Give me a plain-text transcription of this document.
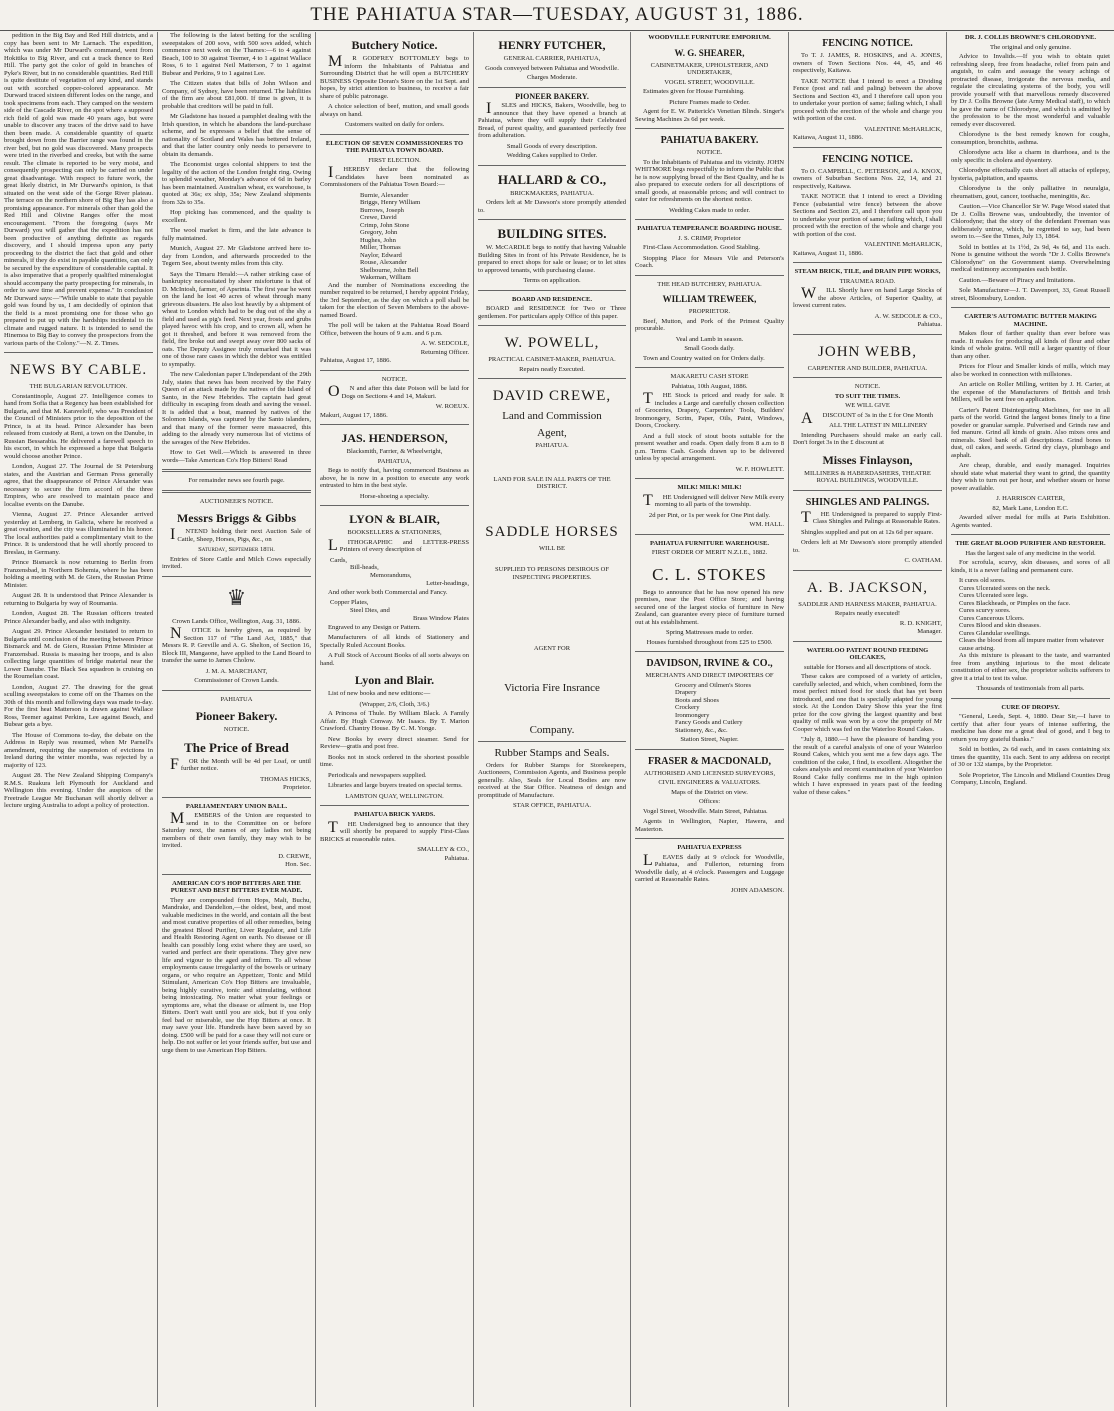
THE PAHIATUA STAR—TUESDAY, AUGUST 31, 1886.

pedition in the Big Bay and Red Hill districts, and a copy has been sent to Mr Larnach. The expedition, which was under Mr Durward's command, went from Hokitika to Big River, and cut a track thence to Red Hill. The party got the color of gold in branches of Pyke's River, but in no considerable quantities. Red Hill is quite destitute of vegetation of any kind, and stands out with scorched copper-colored appearance. Mr Durward traced sixteen different lodes on the range, and took specimens from each. They camped on the western side of the Cascade River, on the spot where a supposed rich field of gold was made 40 years ago, but were unable to discover any traces of the drive said to have then been made. A considerable quantity of quartz brought down from the Barrier range was found in the river bed, but no gold was discovered. Many prospects were tried in the riverbed and creeks, but with the same result. The climate is reported to be very moist, and consequently prospecting can only be carried on under great disadvantage. With respect to future work, the great likely district, in Mr Durward's opinion, is that situated on the west side of the Gorge River plateau. The terrace on the northern shore of Big Bay has also a promising appearance. For minerals other than gold the Red Hill and Olivine Ranges offer the most encouragement. "From the foregoing (says Mr Durward) you will gather that the expedition has not been productive of anything definite as regards discovery, and I should impress upon any party proceeding to the district the fact that gold and other minerals, if they do exist in payable quantities, can only be secured by the expenditure of considerable capital. It is also imperative that a properly qualified mineralogist should accompany the party prospecting for minerals, in order to save time and prevent expense." In conclusion Mr Durward says:—"While unable to state that payable gold was found by us, I am decidedly of opinion that the field is a most promising one for those who go prepared to put up with the hardships incidental to its climate and rugged nature. It is intended to send the Hinemoa to Big Bay to convey the prospectors from the various parts of the Colony."—N. Z. Times.

NEWS BY CABLE.
THE BULGARIAN REVOLUTION.

Constantinople, August 27. Intelligence comes to hand from Sofia that a Regency has been established for Bulgaria, and that M. Karaveloff, who was President of the Council of Ministers prior to the deposition of the Prince, is at its head. Prince Alexander has been released from custody at Reni, a town on the Danube, in Russian Bessarabia. He delivered a farewell speech to his escort, in which he expressed a hope that Bulgaria would choose another Prince.

London, August 27. The Journal de St Petersburg states, and the Austrian and German Press generally agree, that the disappearance of Prince Alexander was necessary to secure the firm accord of the three Empires, who are resolved to maintain peace and localise events on the Danube.

Vienna, August 27. Prince Alexander arrived yesterday at Lemberg, in Galicia, where he received a great ovation, and the city was illuminated in his honor. The local authorities paid a complimentary visit to the Prince. It is understood that he will shortly proceed to Breslau, in Germany.

Prince Bismarck is now returning to Berlin from Franzensbad, in Northern Bohemia, where he has been holding a meeting with M. de Giers, the Russian Prime Minister.

August 28. It is understood that Prince Alexander is returning to Bulgaria by way of Roumania.

London, August 28. The Russian officers treated Prince Alexander badly, and also with indignity.

August 29. Prince Alexander hesitated to return to Bulgaria until conclusion of the meeting between Prince Bismarck and M. de Giers, Russian Prime Minister at Franzensbad. Russia is massing her troops, and is also collecting large quantities of bridge material near the Lower Danube. The Black Sea squadron is cruising on the Roumelian coast.

London, August 27. The drawing for the great sculling sweepstakes to come off on the Thames on the 30th of this month and following days was made to-day. For the first heat Matterson is drawn against Wallace Ross, Teemer against Perkins, Lee against Beach, and Bubear gets a bye.

The House of Commons to-day, the debate on the Address in Reply was resumed, when Mr Parnell's amendment, requiring the suspension of evictions in Ireland during the winter months, was rejected by a majority of 123.

August 28. The New Zealand Shipping Company's R.M.S. Ruakura left Plymouth for Auckland and Wellington this evening. Under the auspices of the Freetrade League Mr Buchanan will shortly deliver a lecture urging Australia to adopt a policy of protection.

The following is the latest betting for the sculling sweepstakes of 200 sovs, with 500 sovs added, which commence next week on the Thames:—6 to 4 against Beach, 100 to 30 against Teemer, 4 to 1 against Wallace Ross, 6 to 1 against Neil Matterson, 7 to 1 against Bubear and Perkins, 9 to 1 against Lee.

The Citizen states that bills of John Wilson and Company, of Sydney, have been returned. The liabilities of the firm are about £81,000. If time is given, it is probable that creditors will be paid in full.

Mr Gladstone has issued a pamphlet dealing with the Irish question, in which he abandons the land-purchase scheme, and he expresses a belief that the sense of nationality of Scotland and Wales has bettered Ireland, and that the latter country only needs to persevere to obtain its demands.

The Economist urges colonial shippers to test the legality of the action of the London freight ring. Owing to splendid weather, Monday's advance of 6d in barley has been maintained. Australian wheat, ex warehouse, is quoted at 36s; ex ship, 35s; New Zealand shipments from 32s to 35s.

Hop picking has commenced, and the quality is excellent.

The wool market is firm, and the late advance is fully maintained.

Munich, August 27. Mr Gladstone arrived here to-day from London, and afterwards proceeded to the Tegern See, about twenty miles from this city.

Says the Timaru Herald:—A rather striking case of bankruptcy necessitated by sheer misfortune is that of D. McIntosh, farmer, of Apsrinta. The first year he went on the land he lost 40 acres of wheat through many grievous disasters. He also lost heavily by a shipment of wheat to London which had to be dug out of the shy a field and used as pig's feed. Next year, frosts and grubs played havoc with his crop, and to crown all, when he got it threshed, and before it was removed from the field, fire broke out and swept away over 800 sacks of oats. The Deputy Assignee truly remarked that it was one of those rare cases in which the debtor was entitled to sympathy.

The new Caledonian paper L'Independant of the 29th July, states that news has been received by the Fairy Queen of an attack made by the natives of the Island of Santo, in the New Hebrides. The captain had great difficulty in escaping from death and saving the vessel. It is added that a boat, manned by natives of the Solomon Islands, was captured by the Santo islanders, and that many of the former were massacred, this adding to the already very numerous list of victims of the savages of the New Hebrides.

How to Get Well.—Which is answered in three words—Take American Co's Hop Bitters! Read

For remainder news see fourth page.
AUCTIONEER'S NOTICE.
Messrs Briggs & Gibbs

INTEND holding their next Auction Sale of Cattle, Sheep, Horses, Pigs, &c., on

Saturday, September 18th.

Entries of Store Cattle and Milch Cows especially invited.

♛
Crown Lands Office, Wellington, Aug. 31, 1886.

NOTICE is hereby given, as required by Section 117 of "The Land Act, 1885," that Messrs R. P. Greville and A. G. Shelton, of Section 16, Block III, Mangaone, have applied to the Land Board to transfer the same to James Cholow.

J. M. A. MARCHANT,
Commissioner of Crown Lands.
PAHIATUA
Pioneer Bakery.
NOTICE.
The Price of Bread

FOR the Month will be 4d per Loaf, or until further notice.

THOMAS HICKS,
Proprietor.
PARLIAMENTARY UNION BALL.

MEMBERS of the Union are requested to send in to the Committee on or before Saturday next, the names of any ladies not being members of their own family, they may wish to be invited.

D. CREWE,
Hon. Sec.
AMERICAN CO'S HOP BITTERS ARE THE PUREST AND BEST BITTERS EVER MADE.

They are compounded from Hops, Malt, Buchu, Mandrake, and Dandelion,—the oldest, best, and most valuable medicines in the world, and contain all the best and most curative properties of all other remedies, being the greatest Blood Purifier, Liver Regulator, and Life and Health Restoring Agent on earth. No disease or ill health can possibly long exist where they are used, so varied and perfect are their operations. They give new life and vigour to the aged and infirm. To all whose employments cause irregularity of the bowels or urinary organs, or who require an Appetizer, Tonic and Mild Stimulant, American Co's Hop Bitters are invaluable, being highly curative, tonic and stimulating, without being intoxicating. No matter what your feelings or symptoms are, what the disease or ailment is, use Hop Bitters. Don't wait until you are sick, but if you only feel bad or miserable, use the Hop Bitters at once. It may save your life. Hundreds have been saved by so doing. £500 will be paid for a case they will not cure or help. Do not suffer or let your friends suffer, but use and urge them to use American Hop Bitters.

Butchery Notice.

MR GODFREY BOTTOMLEY begs to inform the Inhabitants of Pahiatua and Surrounding District that he will open a BUTCHERY BUSINESS Opposite Doran's Store on the 1st Sept. and hopes, by strict attention to business, to receive a fair share of public patronage.

A choice selection of beef, mutton, and small goods always on hand.

Customers waited on daily for orders.
ELECTION OF SEVEN COMMISSIONERS TO THE PAHIATUA TOWN BOARD.
FIRST ELECTION.

IHEREBY declare that the following Candidates have been nominated as Commissioners of the Pahiatua Town Board:—

Burnie, Alexander
Briggs, Henry William
Burrows, Joseph
Crewe, David
Crimp, John Stone
Gregory, John
Hughes, John
Miller, Thomas
Naylor, Edward
Rouse, Alexander
Shelbourne, John Bell
Wakeman, William

And the number of Nominations exceeding the number required to be returned, I hereby appoint Friday, the 3rd September, as the day on which a poll shall be taken for the election of Seven Members to the above-named Board.

The poll will be taken at the Pahiatua Road Board Office, between the hours of 9 a.m. and 6 p.m.

A. W. SEDCOLE,
Returning Officer.
Pahiatua, August 17, 1886.
NOTICE.

ON and after this date Poison will be laid for Dogs on Sections 4 and 14, Makuri.

W. ROEUX.
Makuri, August 17, 1886.
JAS. HENDERSON,
Blacksmith, Farrier, & Wheelwright,
PAHIATUA,

Begs to notify that, having commenced Business as above, he is now in a position to execute any work entrusted to him in the best style.

Horse-shoeing a specialty.
LYON & BLAIR,
BOOKSELLERS & STATIONERS,

LITHOGRAPHIC and LETTER-PRESS Printers of every description of

Cards,
Bill-heads,
Memorandums,
Letter-headings,

And other work both Commercial and Fancy.

Copper Plates,
Steel Dies, and
Brass Window Plates

Engraved to any Design or Pattern.

Manufacturers of all kinds of Stationery and Specially Ruled Account Books.

A Full Stock of Account Books of all sorts always on hand.

Lyon and Blair.

List of new books and new editions:—

(Wrapper, 2/6, Cloth, 3/6.)

A Princess of Thule. By William Black. A Family Affair. By Hugh Conway. Mr Isaacs. By T. Marion Crawford. Chantry House. By C. M. Yonge.

New Books by every direct steamer. Send for Review—gratis and post free.

Books not in stock ordered in the shortest possible time.

Periodicals and newspapers supplied.

Libraries and large buyers treated on special terms.

LAMBTON QUAY, WELLINGTON.
PAHIATUA BRICK YARDS.

THE Undersigned beg to announce that they will shortly be prepared to supply First-Class BRICKS at reasonable rates.

SMALLEY & CO.,
Pahiatua.
HENRY FUTCHER,
GENERAL CARRIER, PAHIATUA,
Goods conveyed between Pahiatua and Woodville.
Charges Moderate.
PIONEER BAKERY.

ISLES and HICKS, Bakers, Woodville, beg to announce that they have opened a branch at Pahiatua, where they will supply their Celebrated Bread, of purest quality, and guaranteed perfectly free from adulteration.

Small Goods of every description.
Wedding Cakes supplied to Order.
HALLARD & CO.,
BRICKMAKERS, PAHIATUA.

Orders left at Mr Dawson's store promptly attended to.

BUILDING SITES.

W. McCARDLE begs to notify that having Valuable Building Sites in front of his Private Residence, he is prepared to erect shops for sale or lease; or to let sites to approved tenants, with purchasing clause.

Terms on application.
BOARD AND RESIDENCE.

BOARD and RESIDENCE for Two or Three gentlemen. For particulars apply Office of this paper.

W. POWELL,
PRACTICAL CABINET-MAKER, PAHIATUA.
Repairs neatly Executed.
DAVID CREWE,
Land and Commission
Agent,
PAHIATUA.
LAND FOR SALE IN ALL PARTS OF THE DISTRICT.
SADDLE HORSES
WILL BE
SUPPLIED TO PERSONS DESIROUS OF INSPECTING PROPERTIES.
AGENT FOR
Victoria Fire Insrance
Company.
Rubber Stamps and Seals.

Orders for Rubber Stamps for Storekeepers, Auctioneers, Commission Agents, and Business people generally. Also, Seals for Local Bodies are now received at the Star Office. Neatness of design and promptitude of Manufacture.

STAR OFFICE, PAHIATUA.
WOODVILLE FURNITURE EMPORIUM.
W. G. SHEARER,
CABINETMAKER, UPHOLSTERER, AND UNDERTAKER,
VOGEL STREET, WOODVILLE.

Estimates given for House Furnishing.

Picture Frames made to Order.

Agent for E. W. Patterick's Venetian Blinds. Singer's Sewing Machines 2s 6d per week.

PAHIATUA BAKERY.
NOTICE.

To the Inhabitants of Pahiatua and its vicinity. JOHN WHITMORE begs respectfully to inform the Public that he is now supplying bread of the Best Quality, and he is also prepared to execute orders for all descriptions of small goods, at reasonable prices; and will contract to cater for refreshments on the shortest notice.

Wedding Cakes made to order.
PAHIATUA TEMPERANCE BOARDING HOUSE.
J. S. CRIMP, Proprietor

First-Class Accommodation. Good Stabling.

Stopping Place for Messrs Vile and Peterson's Coach.

THE HEAD BUTCHERY, PAHIATUA.
WILLIAM TREWEEK,
PROPRIETOR.

Beef, Mutton, and Pork of the Primest Quality procurable.

Veal and Lamb in season.
Small Goods daily.

Town and Country waited on for Orders daily.

MAKARETU CASH STORE
Pahiatua, 10th August, 1886.

THE Stock is priced and ready for sale. It includes a Large and carefully chosen collection of Groceries, Drapery, Carpenters' Tools, Builders' Ironmongery, Scrim, Paper, Oils, Paint, Windows, Doors, Crockery.

And a full stock of stout boots suitable for the present weather and roads. Open daily from 8 a.m to 8 p.m. Terms Cash. Goods drawn up to be delivered unless by special arrangement.

W. F. HOWLETT.
MILK! MILK! MILK!

THE Undersigned will deliver New Milk every morning to all parts of the township.

2d per Pint, or 1s per week for One Pint daily.
WM. HALL.
PAHIATUA FURNITURE WAREHOUSE.
FIRST ORDER OF MERIT N.Z.I.E., 1882.
C. L. STOKES

Begs to announce that he has now opened his new premises, near the Post Office Store; and having secured one of the largest stocks of furniture in New Zealand, can guarantee every piece of furniture turned out at his establishment.

Spring Mattresses made to order.
Houses furnished throughout from £25 to £500.
DAVIDSON, IRVINE & CO.,
MERCHANTS AND DIRECT IMPORTERS OF
Grocery and Oilmen's Stores
Drapery
Boots and Shoes
Crockery
Ironmongery
Fancy Goods and Cutlery
Stationery, &c., &c.
Station Street, Napier.
FRASER & MACDONALD,
AUTHORISED AND LICENSED SURVEYORS,
CIVIL ENGINEERS & VALUATORS.
Maps of the District on view.
Offices:

Vogel Street, Woodville. Main Street, Pahiatua.

Agents in Wellington, Napier, Hawera, and Masterton.

PAHIATUA EXPRESS

LEAVES daily at 9 o'clock for Woodville, Pahiatua, and Fullerton, returning from Woodville daily, at 4 o'clock. Passengers and Luggage carried at Reasonable Rates.

JOHN ADAMSON.
FENCING NOTICE.

To T. J. JAMES, R. HOSKINS, and A. JONES, owners of Town Sections Nos. 44, 45, and 46 respectively, Kaitawa.

TAKE NOTICE that I intend to erect a Dividing Fence (post and rail and paling) between the above Sections and Section 43, and I therefore call upon you to undertake your portion of same; failing which, I shall proceed with the erection of the whole and charge you with portion of the cost.

VALENTINE McHARLICK,
Kaitawa, August 11, 1886.
FENCING NOTICE.

To O. CAMPBELL, C. PETERSON, and A. KNOX, owners of Suburban Sections Nos. 22, 14, and 21 respectively, Kaitawa.

TAKE NOTICE that I intend to erect a Dividing Fence (substantial wire fence) between the above Sections and Section 23, and I therefore call upon you to undertake your portion of same; failing which, I shall proceed with the erection of the whole and charge you with portion of the cost.

VALENTINE McHARLICK,
Kaitawa, August 11, 1886.
STEAM BRICK, TILE, and DRAIN PIPE WORKS,
TIRAUMEA ROAD.

WILL Shortly have on hand Large Stocks of the above Articles, of Superior Quality, at lowest current rates.

A. W. SEDCOLE & CO.,
Pahiatua.
JOHN WEBB,
CARPENTER AND BUILDER, PAHIATUA.
NOTICE.
TO SUIT THE TIMES.
WE WILL GIVE

ADISCOUNT of 3s in the £ for One Month

ALL THE LATEST IN MILLINERY

Intending Purchasers should make an early call. Don't forget 3s in the £ discount at

Misses Finlayson,
MILLINERS & HABERDASHERS, THEATRE ROYAL BUILDINGS, WOODVILLE.
SHINGLES AND PALINGS.

THE Undersigned is prepared to supply First-Class Shingles and Palings at Reasonable Rates.

Shingles supplied and put on at 12s 6d per square.

Orders left at Mr Dawson's store promptly attended to.

C. OATHAM.
A. B. JACKSON,
SADDLER AND HARNESS MAKER, PAHIATUA.
Repairs neatly executed!
R. D. KNIGHT,
Manager.
WATERLOO PATENT ROUND FEEDING OILCAKES,
suitable for Horses and all descriptions of stock.

These cakes are composed of a variety of articles, carefully selected, and which, when combined, form the most perfect mixed food for stock that has yet been introduced, and one that is specially adapted for young stock. At the London Dairy Show this year the first prize for the cow giving the largest quantity and best quality of milk was won by a cow the property of Mr Cooper which was fed on the Waterloo Round Cakes.

"July 8, 1880.—I have the pleasure of handing you the result of a careful analysis of one of your Waterloo Round Cakes, which you sent me a few days ago. The condition of the cake, I find, is excellent. Altogether the cakes analysis and recent examination of your Waterloo Round Cake fully confirms me in the high opinion which I have expressed in years past of the feeding value of these cakes."

DR. J. COLLIS BROWNE'S CHLORODYNE.
The original and only genuine.

Advice to Invalids.—If you wish to obtain quiet refreshing sleep, free from headache, relief from pain and anguish, to calm and assuage the weary achings of protracted disease, invigorate the nervous media, and regulate the circulating systems of the body, you will provide yourself with that marvellous remedy discovered by Dr J. Collis Browne (late Army Medical staff), to which he gave the name of Chlorodyne, and which is admitted by the profession to be the most wonderful and valuable remedy ever discovered.

Chlorodyne is the best remedy known for coughs, consumption, bronchitis, asthma.

Chlorodyne acts like a charm in diarrhoea, and is the only specific in cholera and dysentery.

Chlorodyne effectually cuts short all attacks of epilepsy, hysteria, palpitation, and spasms.

Chlorodyne is the only palliative in neuralgia, rheumatism, gout, cancer, toothache, meningitis, &c.

Caution.—Vice Chancellor Sir W. Page Wood stated that Dr J. Collis Browne was, undoubtedly, the inventor of Chlorodyne; that the story of the defendant Freeman was deliberately untrue, which, he regretted to say, had been sworn to.—See the Times, July 13, 1864.

Sold in bottles at 1s 1½d, 2s 9d, 4s 6d, and 11s each. None is genuine without the words "Dr J. Collis Browne's Chlorodyne" on the Government stamp. Overwhelming medical testimony accompanies each bottle.

Caution.—Beware of Piracy and Imitations.

Sole Manufacturer—J. T. Davenport, 33, Great Russell street, Bloomsbury, London.

CARTER'S AUTOMATIC BUTTER MAKING MACHINE.

Makes flour of farther quality than ever before was made. It makes for producing all kinds of flour and other kinds of whole grains. Will mill a larger quantity of flour than any other.

Prices for Flour and Smaller kinds of mills, which may also be worked in connection with millstones.

An article on Roller Milling, written by J. H. Carter, at the expense of the Manufacturers of British and Irish Millers, will be sent free on application.

Carter's Patent Disintegrating Machines, for use in all parts of the world. Grind the largest bones finely to a fine powder or granular sample. Pulverised and Grinds raw and fed manure. Grind all kinds of grain. Also mixes ores and minerals. Steel bank of all descriptions. Grind bones to dust, oil cakes, and seeds. Grind dry clays, plumbago and asphalt.

Are cheap, durable, and easily managed. Inquiries should state what material they want to grind, the quantity they wish to turn out per hour, and whether steam or horse power available.

J. HARRISON CARTER,
82, Mark Lane, London E.C.

Awarded silver medal for mills at Paris Exhibition. Agents wanted.

THE GREAT BLOOD PURIFIER AND RESTORER.
Has the largest sale of any medicine in the world.

For scrofula, scurvy, skin diseases, and sores of all kinds, it is a never failing and permanent cure.

It cures old sores.
Cures Ulcerated sores on the neck.
Cures Ulcerated sore legs.
Cures Blackheads, or Pimples on the face.
Cures scurvy sores.
Cures Cancerous Ulcers.
Cures Blood and skin diseases.
Cures Glandular swellings.
Clears the blood from all impure matter from whatever cause arising.

As this mixture is pleasant to the taste, and warranted free from anything injurious to the most delicate constitution of either sex, the proprietor solicits sufferers to give it a trial to test its value.

Thousands of testimonials from all parts.
CURE OF DROPSY.

"General, Leeds, Sept. 4, 1880. Dear Sir,—I have to certify that after four years of intense suffering, the medicine has done me a great deal of good, and I beg to return you my grateful thanks."

Sold in bottles, 2s 6d each, and in cases containing six times the quantity, 11s each. Sent to any address on receipt of 30 or 132 stamps, by the Proprietor.

Sole Proprietor, The Lincoln and Midland Counties Drug Company, Lincoln, England.
